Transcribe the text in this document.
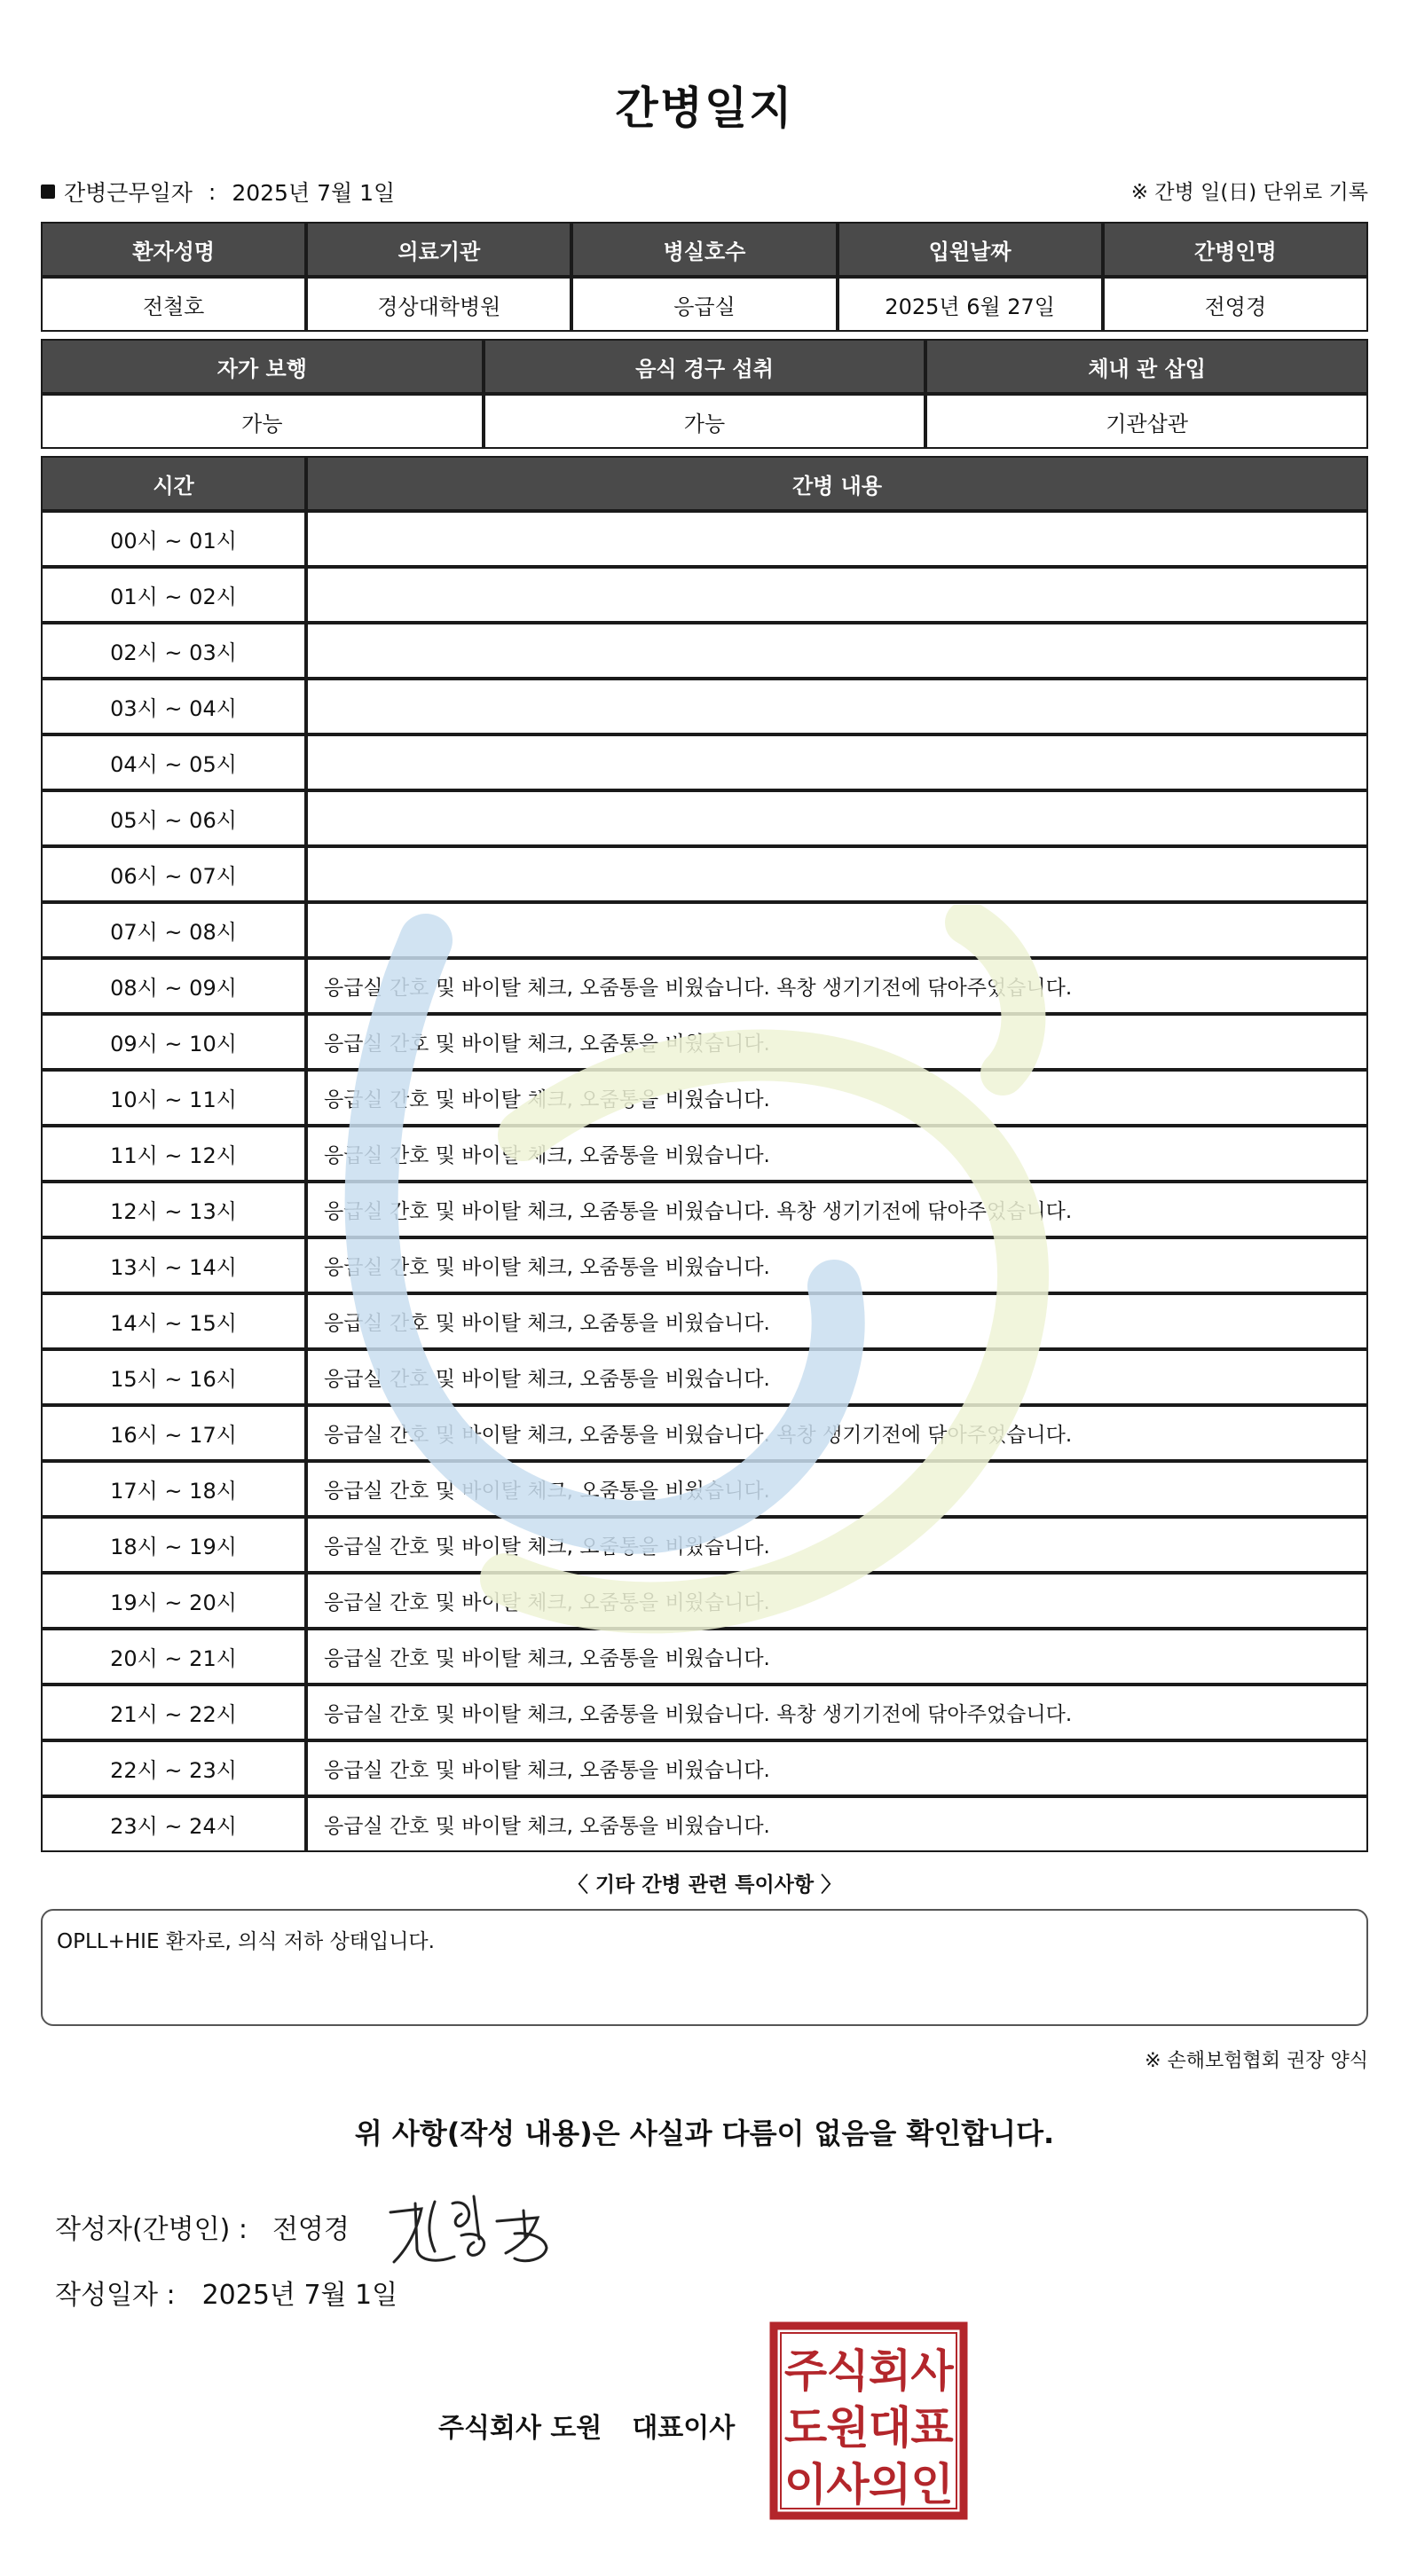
간병일지
간병근무일자 : 2025년 7월 1일	※ 간병 일(日) 단위로 기록
환자성명	의료기관	병실호수	입원날짜	간병인명
전철호	경상대학병원	응급실	2025년 6월 27일	전영경
자가 보행	음식 경구 섭취	체내 관 삽입
가능	가능	기관삽관
시간	간병 내용
00시 ~ 01시	
01시 ~ 02시	
02시 ~ 03시	
03시 ~ 04시	
04시 ~ 05시	
05시 ~ 06시	
06시 ~ 07시	
07시 ~ 08시	
08시 ~ 09시	응급실 간호 및 바이탈 체크, 오줌통을 비웠습니다. 욕창 생기기전에 닦아주었습니다.
09시 ~ 10시	응급실 간호 및 바이탈 체크, 오줌통을 비웠습니다.
10시 ~ 11시	응급실 간호 및 바이탈 체크, 오줌통을 비웠습니다.
11시 ~ 12시	응급실 간호 및 바이탈 체크, 오줌통을 비웠습니다.
12시 ~ 13시	응급실 간호 및 바이탈 체크, 오줌통을 비웠습니다. 욕창 생기기전에 닦아주었습니다.
13시 ~ 14시	응급실 간호 및 바이탈 체크, 오줌통을 비웠습니다.
14시 ~ 15시	응급실 간호 및 바이탈 체크, 오줌통을 비웠습니다.
15시 ~ 16시	응급실 간호 및 바이탈 체크, 오줌통을 비웠습니다.
16시 ~ 17시	응급실 간호 및 바이탈 체크, 오줌통을 비웠습니다. 욕창 생기기전에 닦아주었습니다.
17시 ~ 18시	응급실 간호 및 바이탈 체크, 오줌통을 비웠습니다.
18시 ~ 19시	응급실 간호 및 바이탈 체크, 오줌통을 비웠습니다.
19시 ~ 20시	응급실 간호 및 바이탈 체크, 오줌통을 비웠습니다.
20시 ~ 21시	응급실 간호 및 바이탈 체크, 오줌통을 비웠습니다.
21시 ~ 22시	응급실 간호 및 바이탈 체크, 오줌통을 비웠습니다. 욕창 생기기전에 닦아주었습니다.
22시 ~ 23시	응급실 간호 및 바이탈 체크, 오줌통을 비웠습니다.
23시 ~ 24시	응급실 간호 및 바이탈 체크, 오줌통을 비웠습니다.
〈 기타 간병 관련 특이사항 〉
OPLL+HIE 환자로, 의식 저하 상태입니다.
※ 손해보험협회 권장 양식
위 사항(작성 내용)은 사실과 다름이 없음을 확인합니다.
작성자(간병인) : 전영경
작성일자 : 2025년 7월 1일
주식회사 도원 대표이사
주 식 회 사
도 원 대 표
이 사 의 인
